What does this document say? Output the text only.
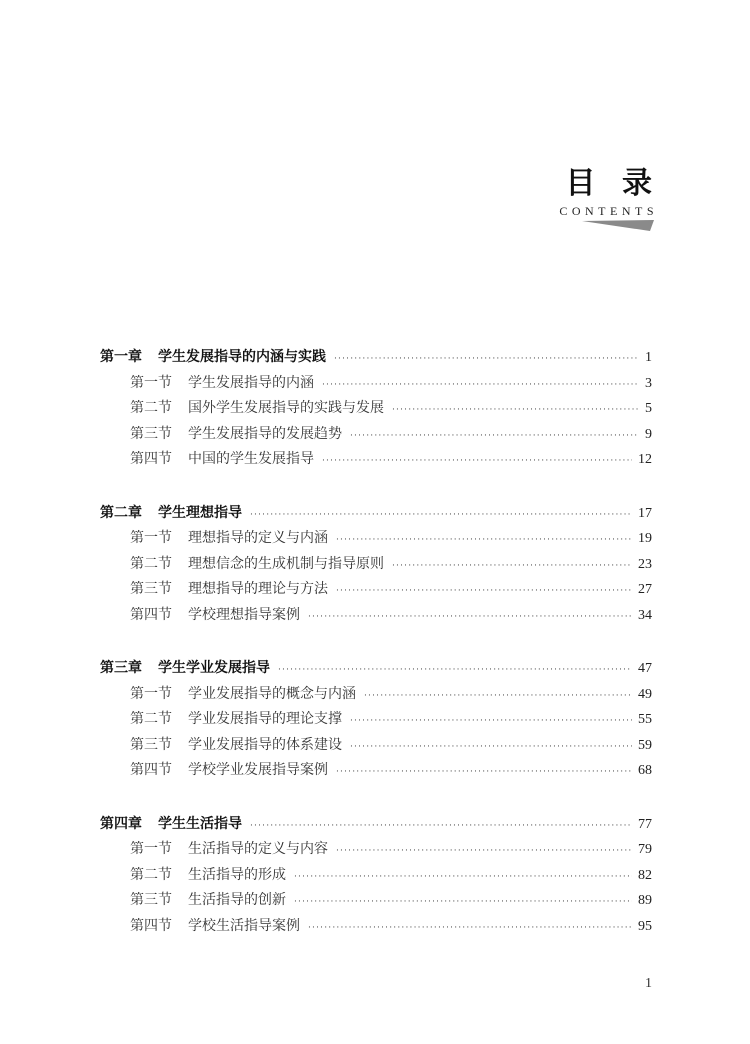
目 录
CONTENTS
第一章	学生发展指导的内涵与实践 ·····	1
第一节	学生发展指导的内涵 ·····	3
第二节	国外学生发展指导的实践与发展 ·····	5
第三节	学生发展指导的发展趋势 ·····	9
第四节	中国的学生发展指导 ·····	12
第二章	学生理想指导 ·····	17
第一节	理想指导的定义与内涵 ·····	19
第二节	理想信念的生成机制与指导原则 ·····	23
第三节	理想指导的理论与方法 ·····	27
第四节	学校理想指导案例 ·····	34
第三章	学生学业发展指导 ·····	47
第一节	学业发展指导的概念与内涵 ·····	49
第二节	学业发展指导的理论支撑 ·····	55
第三节	学业发展指导的体系建设 ·····	59
第四节	学校学业发展指导案例 ·····	68
第四章	学生生活指导 ·····	77
第一节	生活指导的定义与内容 ·····	79
第二节	生活指导的形成 ·····	82
第三节	生活指导的创新 ·····	89
第四节	学校生活指导案例 ·····	95
1
